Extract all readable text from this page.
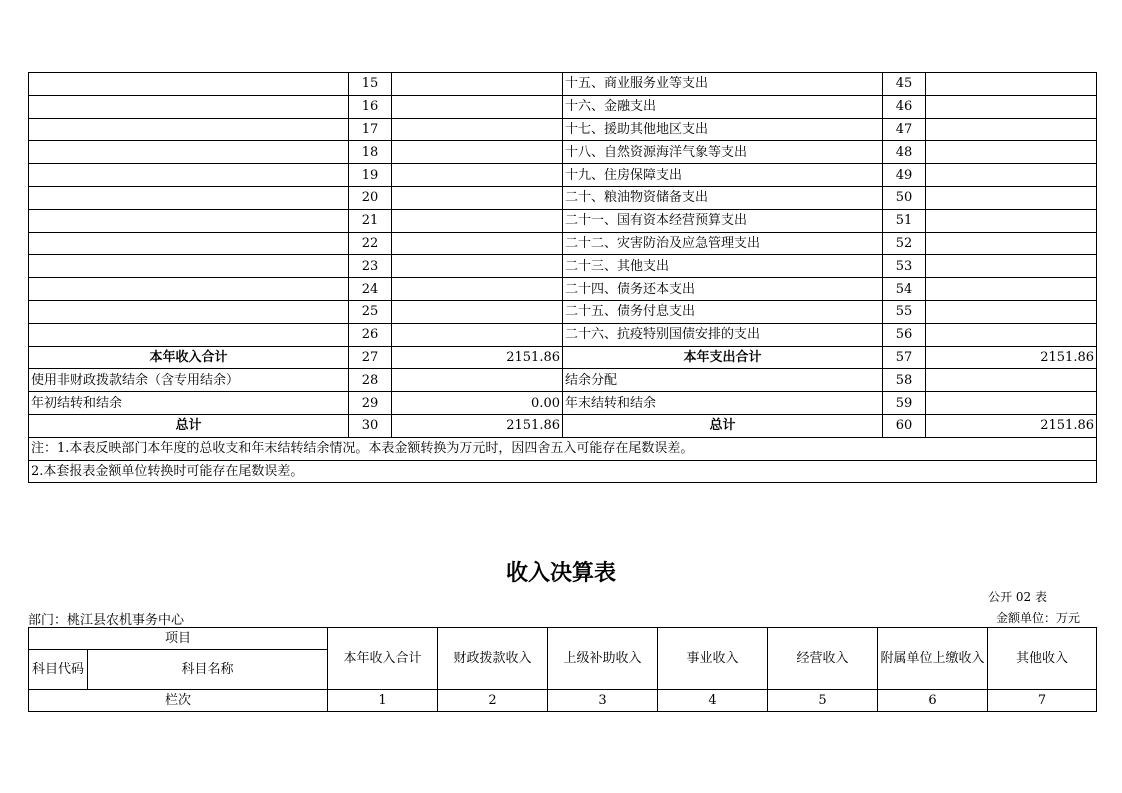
	15		十五、商业服务业等支出	45	
	16		十六、金融支出	46	
	17		十七、援助其他地区支出	47	
	18		十八、自然资源海洋气象等支出	48	
	19		十九、住房保障支出	49	
	20		二十、粮油物资储备支出	50	
	21		二十一、国有资本经营预算支出	51	
	22		二十二、灾害防治及应急管理支出	52	
	23		二十三、其他支出	53	
	24		二十四、债务还本支出	54	
	25		二十五、债务付息支出	55	
	26		二十六、抗疫特别国债安排的支出	56	
本年收入合计	27	2151.86	本年支出合计	57	2151.86
使用非财政拨款结余（含专用结余）	28		结余分配	58	
年初结转和结余	29	0.00	年末结转和结余	59	
总计	30	2151.86	总计	60	2151.86
注：1.本表反映部门本年度的总收支和年末结转结余情况。本表金额转换为万元时，因四舍五入可能存在尾数误差。					
2.本套报表金额单位转换时可能存在尾数误差。					
收入决算表
公开 02 表
部门：桃江县农机事务中心	金额单位：万元
项目		本年收入合计	财政拨款收入	上级补助收入	事业收入	经营收入	附属单位上缴收入	其他收入
科目代码	科目名称							
栏次		1	2	3	4	5	6	7
